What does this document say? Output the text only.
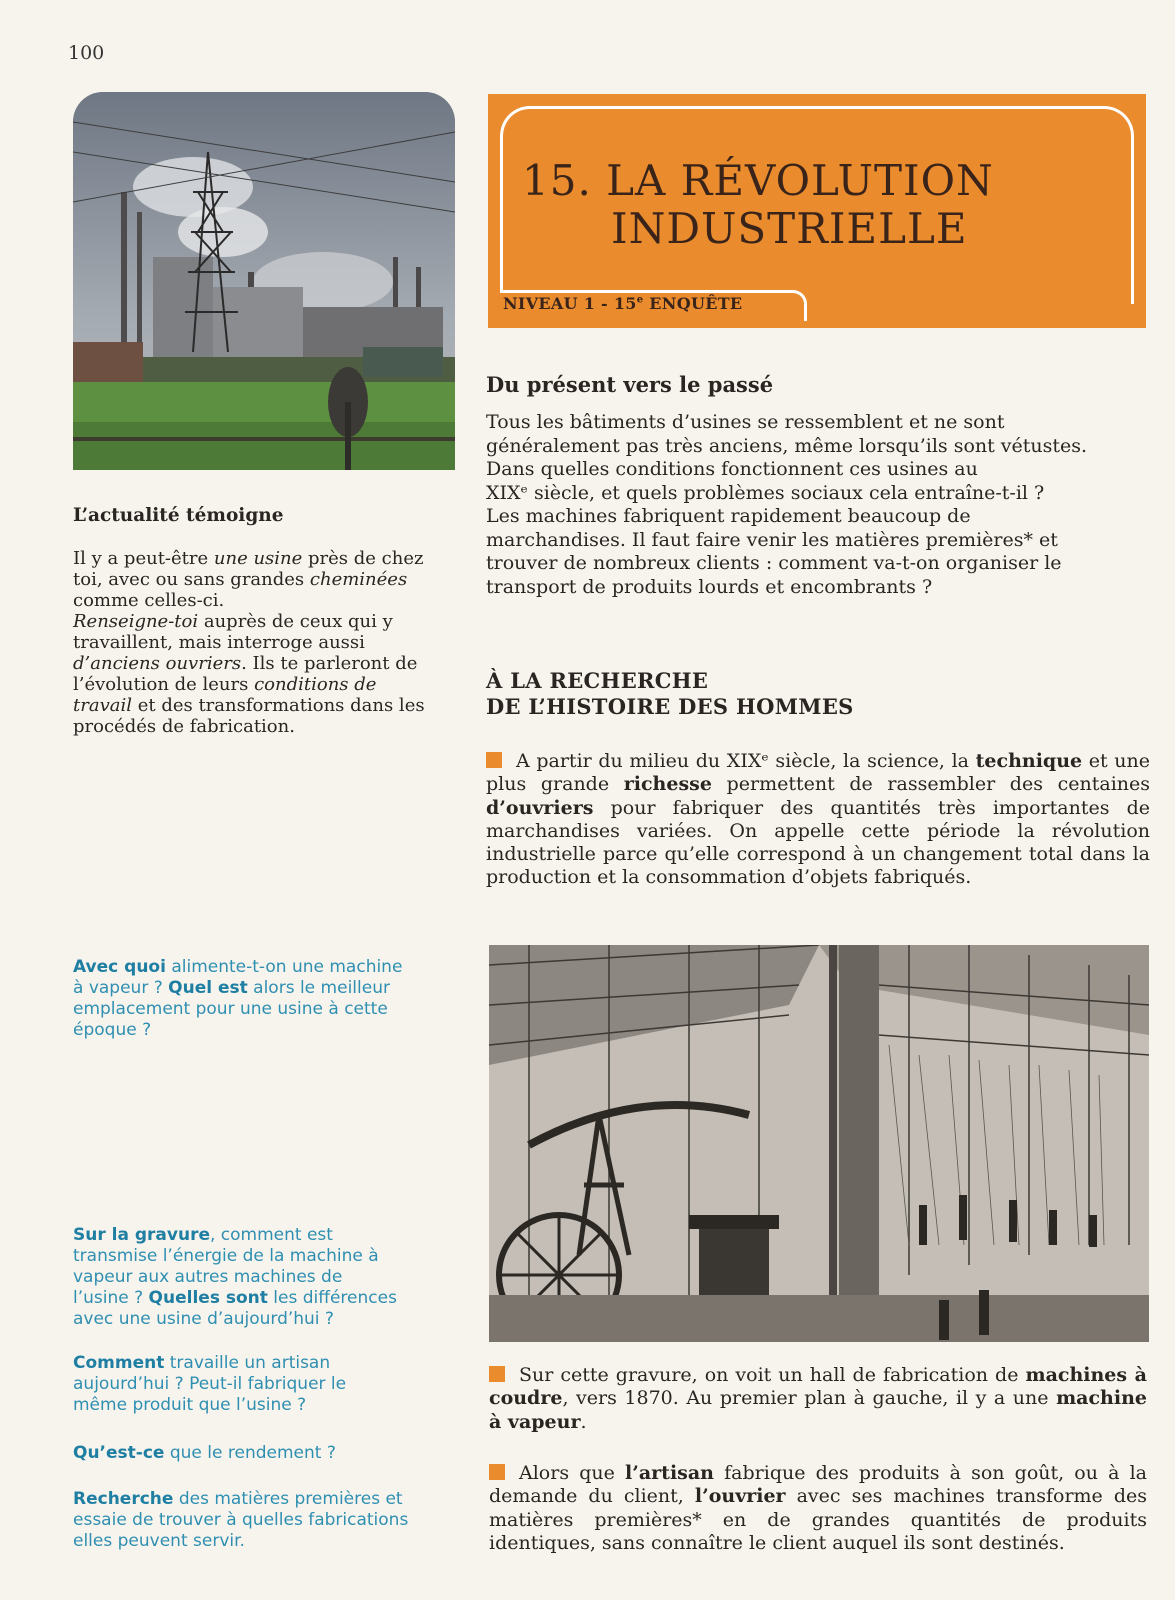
100
L’actualité témoigne

Il y a peut-être une usine près de chez

toi, avec ou sans grandes cheminées

comme celles-ci.

Renseigne-toi auprès de ceux qui y

travaillent, mais interroge aussi

d’anciens ouvriers. Ils te parleront de

l’évolution de leurs conditions de

travail et des transformations dans les

procédés de fabrication.

Avec quoi alimente-t-on une machine

à vapeur ? Quel est alors le meilleur

emplacement pour une usine à cette

époque ?

Sur la gravure, comment est

transmise l’énergie de la machine à

vapeur aux autres machines de

l’usine ? Quelles sont les différences

avec une usine d’aujourd’hui ?

Comment travaille un artisan

aujourd’hui ? Peut-il fabriquer le

même produit que l’usine ?

Qu’est-ce que le rendement ?

Recherche des matières premières et

essaie de trouver à quelles fabrications

elles peuvent servir.

15. LA RÉVOLUTION
INDUSTRIELLE
NIVEAU 1 - 15e ENQUÊTE
Du présent vers le passé

Tous les bâtiments d’usines se ressemblent et ne sont

généralement pas très anciens, même lorsqu’ils sont vétustes.

Dans quelles conditions fonctionnent ces usines au

XIXᵉ siècle, et quels problèmes sociaux cela entraîne-t-il ?

Les machines fabriquent rapidement beaucoup de

marchandises. Il faut faire venir les matières premières* et

trouver de nombreux clients : comment va-t-on organiser le

transport de produits lourds et encombrants ?

À LA RECHERCHE
DE L’HISTOIRE DES HOMMES

A partir du milieu du XIXᵉ siècle, la science, la technique et une plus grande richesse permettent de rassembler des centaines d’ouvriers pour fabriquer des quantités très importantes de marchandises variées. On appelle cette période la révolution industrielle parce qu’elle correspond à un changement total dans la production et la consommation d’objets fabriqués.

Sur cette gravure, on voit un hall de fabrication de machines à coudre, vers 1870. Au premier plan à gauche, il y a une machine à vapeur.

Alors que l’artisan fabrique des produits à son goût, ou à la demande du client, l’ouvrier avec ses machines transforme des matières premières* en de grandes quantités de produits identiques, sans connaître le client auquel ils sont destinés.
